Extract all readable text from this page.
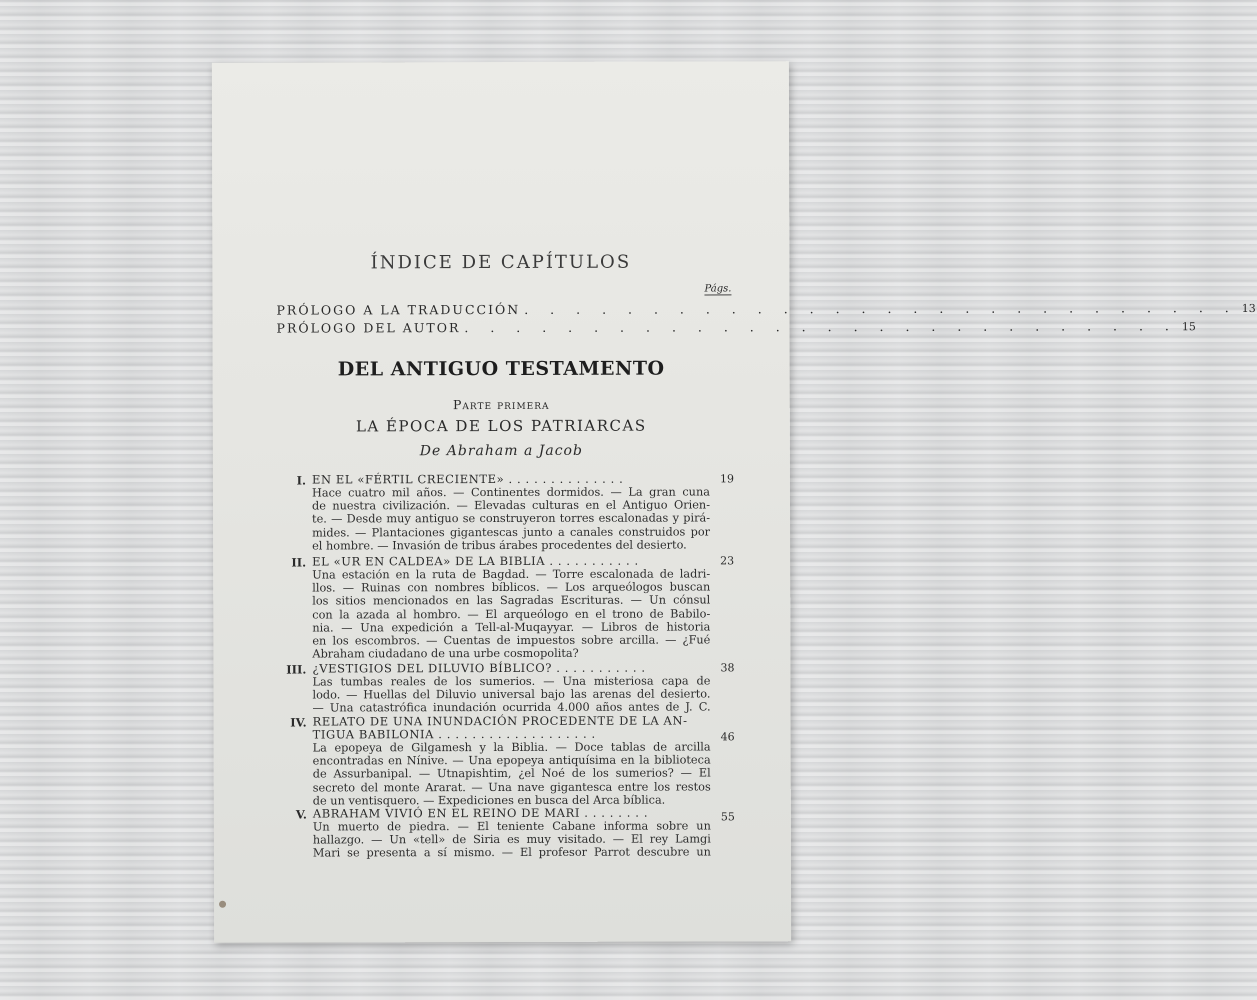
ÍNDICE DE CAPÍTULOS
Págs.
PRÓLOGO A LA TRADUCCIÓN . . . . . . . . . . . . . . . . . . . . . . . . . . . . 13
PRÓLOGO DEL AUTOR . . . . . . . . . . . . . . . . . . . . . . . . . . . . 15
DEL ANTIGUO TESTAMENTO
Parte primera
LA ÉPOCA DE LOS PATRIARCAS
De Abraham a Jacob
I. EN EL «FÉRTIL CRECIENTE» . . . . . . . . . . . . . .	19
Hace cuatro mil años. — Continentes dormidos. — La gran cuna
de nuestra civilización. — Elevadas culturas en el Antiguo Orien-
te. — Desde muy antiguo se construyeron torres escalonadas y pirá-
mides. — Plantaciones gigantescas junto a canales construidos por
el hombre. — Invasión de tribus árabes procedentes del desierto.
II. EL «UR EN CALDEA» DE LA BIBLIA . . . . . . . . . . .	23
Una estación en la ruta de Bagdad. — Torre escalonada de ladri-
llos. — Ruinas con nombres bíblicos. — Los arqueólogos buscan
los sitios mencionados en las Sagradas Escrituras. — Un cónsul
con la azada al hombro. — El arqueólogo en el trono de Babilo-
nia. — Una expedición a Tell-al-Muqayyar. — Libros de historia
en los escombros. — Cuentas de impuestos sobre arcilla. — ¿Fué
Abraham ciudadano de una urbe cosmopolita?
III. ¿VESTIGIOS DEL DILUVIO BÍBLICO? . . . . . . . . . . .	38
Las tumbas reales de los sumerios. — Una misteriosa capa de
lodo. — Huellas del Diluvio universal bajo las arenas del desierto.
— Una catastrófica inundación ocurrida 4.000 años antes de J. C.
IV. RELATO DE UNA INUNDACIÓN PROCEDENTE DE LA AN-
TIGUA BABILONIA . . . . . . . . . . . . . . . . . . .	46
La epopeya de Gilgamesh y la Biblia. — Doce tablas de arcilla
encontradas en Nínive. — Una epopeya antiquísima en la biblioteca
de Assurbanipal. — Utnapishtim, ¿el Noé de los sumerios? — El
secreto del monte Ararat. — Una nave gigantesca entre los restos
de un ventisquero. — Expediciones en busca del Arca bíblica.
V. ABRAHAM VIVIÓ EN EL REINO DE MARI . . . . . . . .	55
Un muerto de piedra. — El teniente Cabane informa sobre un
hallazgo. — Un «tell» de Siria es muy visitado. — El rey Lamgi
Mari se presenta a sí mismo. — El profesor Parrot descubre un
